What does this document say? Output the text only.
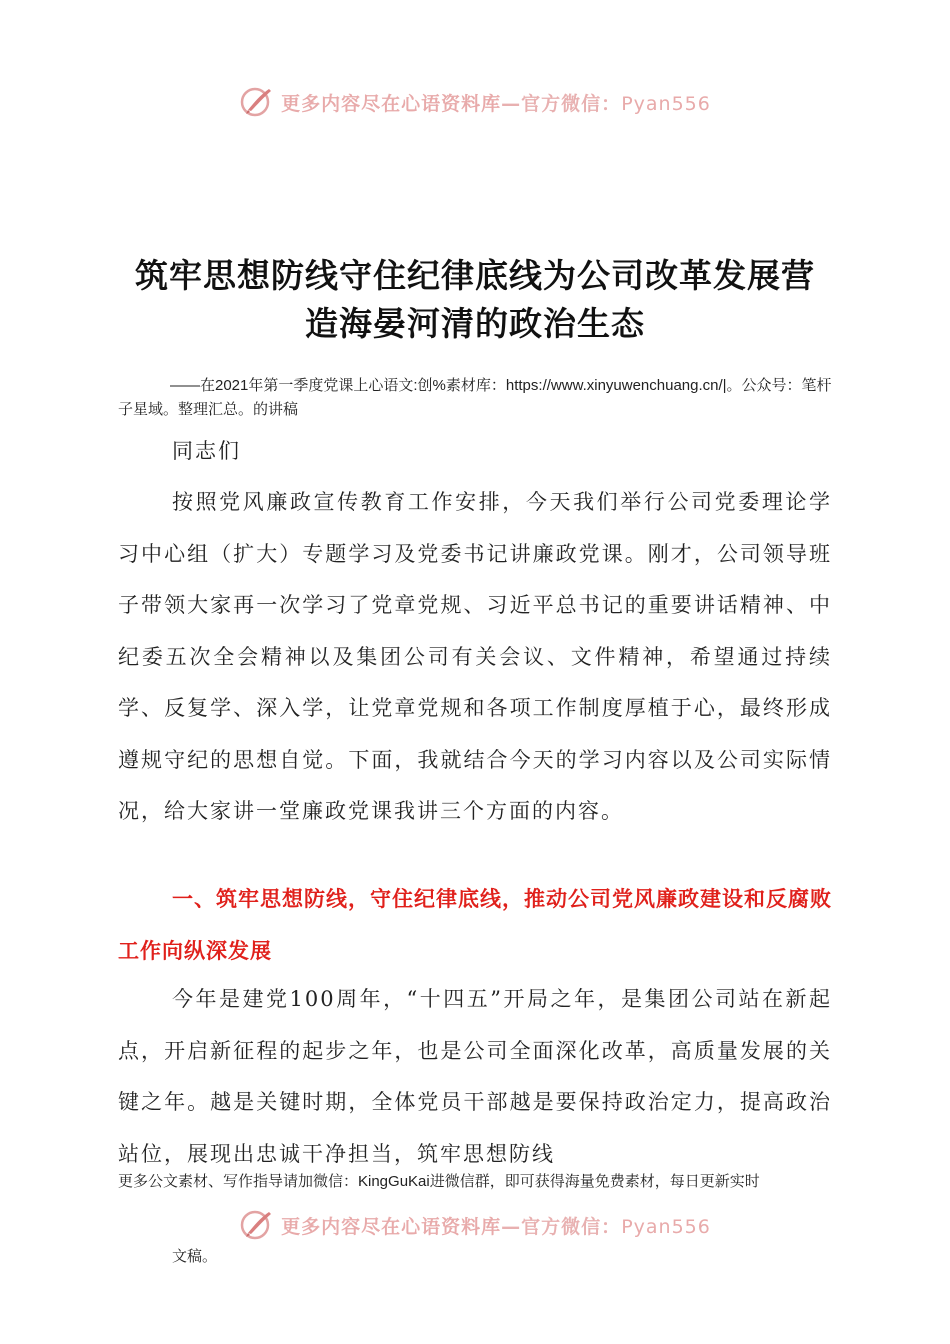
更多内容尽在心语资料库—官方微信：Pyan556
筑牢思想防线守住纪律底线为公司改革发展营
造海晏河清的政治生态
——在2021年第一季度党课上心语文:创%素材库：https://www.xinyuwenchuang.cn/|。公众号：笔杆子星域。整理汇总。的讲稿
同志们

按照党风廉政宣传教育工作安排，今天我们举行公司党委理论学习中心组（扩大）专题学习及党委书记讲廉政党课。刚才，公司领导班子带领大家再一次学习了党章党规、习近平总书记的重要讲话精神、中纪委五次全会精神以及集团公司有关会议、文件精神，希望通过持续学、反复学、深入学，让党章党规和各项工作制度厚植于心，最终形成遵规守纪的思想自觉。下面，我就结合今天的学习内容以及公司实际情况，给大家讲一堂廉政党课我讲三个方面的内容。

一、筑牢思想防线，守住纪律底线，推动公司党风廉政建设和反腐败工作向纵深发展

今年是建党100周年，“十四五”开局之年，是集团公司站在新起点，开启新征程的起步之年，也是公司全面深化改革，高质量发展的关键之年。越是关键时期，全体党员干部越是要保持政治定力，提高政治站位，展现出忠诚干净担当，筑牢思想防线

更多公文素材、写作指导请加微信：KingGuKai进微信群，即可获得海量免费素材，每日更新实时
更多内容尽在心语资料库—官方微信：Pyan556
文稿。
